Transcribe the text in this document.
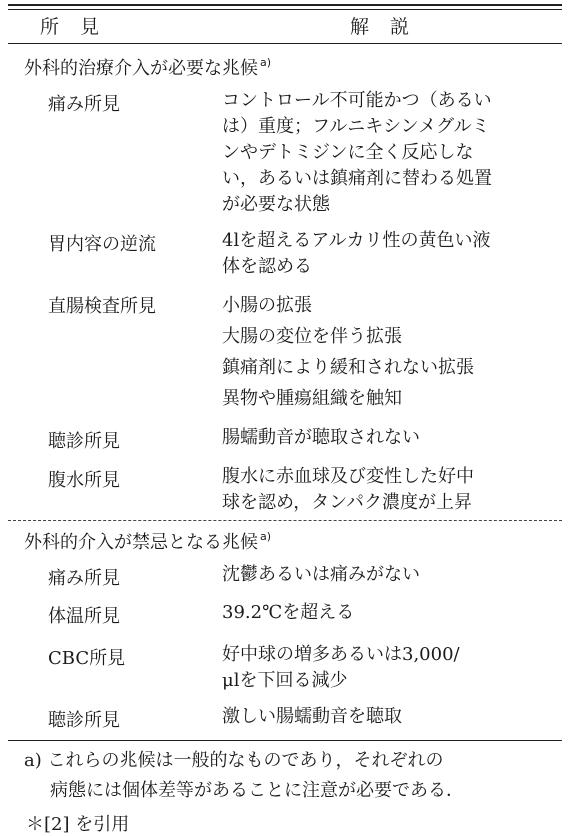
所　見	解　説
外科的治療介入が必要な兆候 $^{a)}$
痛み所見	コントロール不可能かつ（あるい
は）重度；フルニキシンメグルミ
ンやデトミジンに全く反応しな
い，あるいは鎮痛剤に替わる処置
が必要な状態
胃内容の逆流	4lを超えるアルカリ性の黄色い液
体を認める
直腸検査所見	小腸の拡張
大腸の変位を伴う拡張
鎮痛剤により緩和されない拡張
異物や腫瘍組織を触知
聴診所見	腸蠕動音が聴取されない
腹水所見	腹水に赤血球及び変性した好中
球を認め，タンパク濃度が上昇
外科的介入が禁忌となる兆候 $^{a)}$
痛み所見	沈鬱あるいは痛みがない
体温所見	39.2℃を超える
CBC所見	好中球の増多あるいは3,000/
μlを下回る減少
聴診所見	激しい腸蠕動音を聴取
a) これらの兆候は一般的なものであり，それぞれの
病態には個体差等があることに注意が必要である．
＊[2] を引用
